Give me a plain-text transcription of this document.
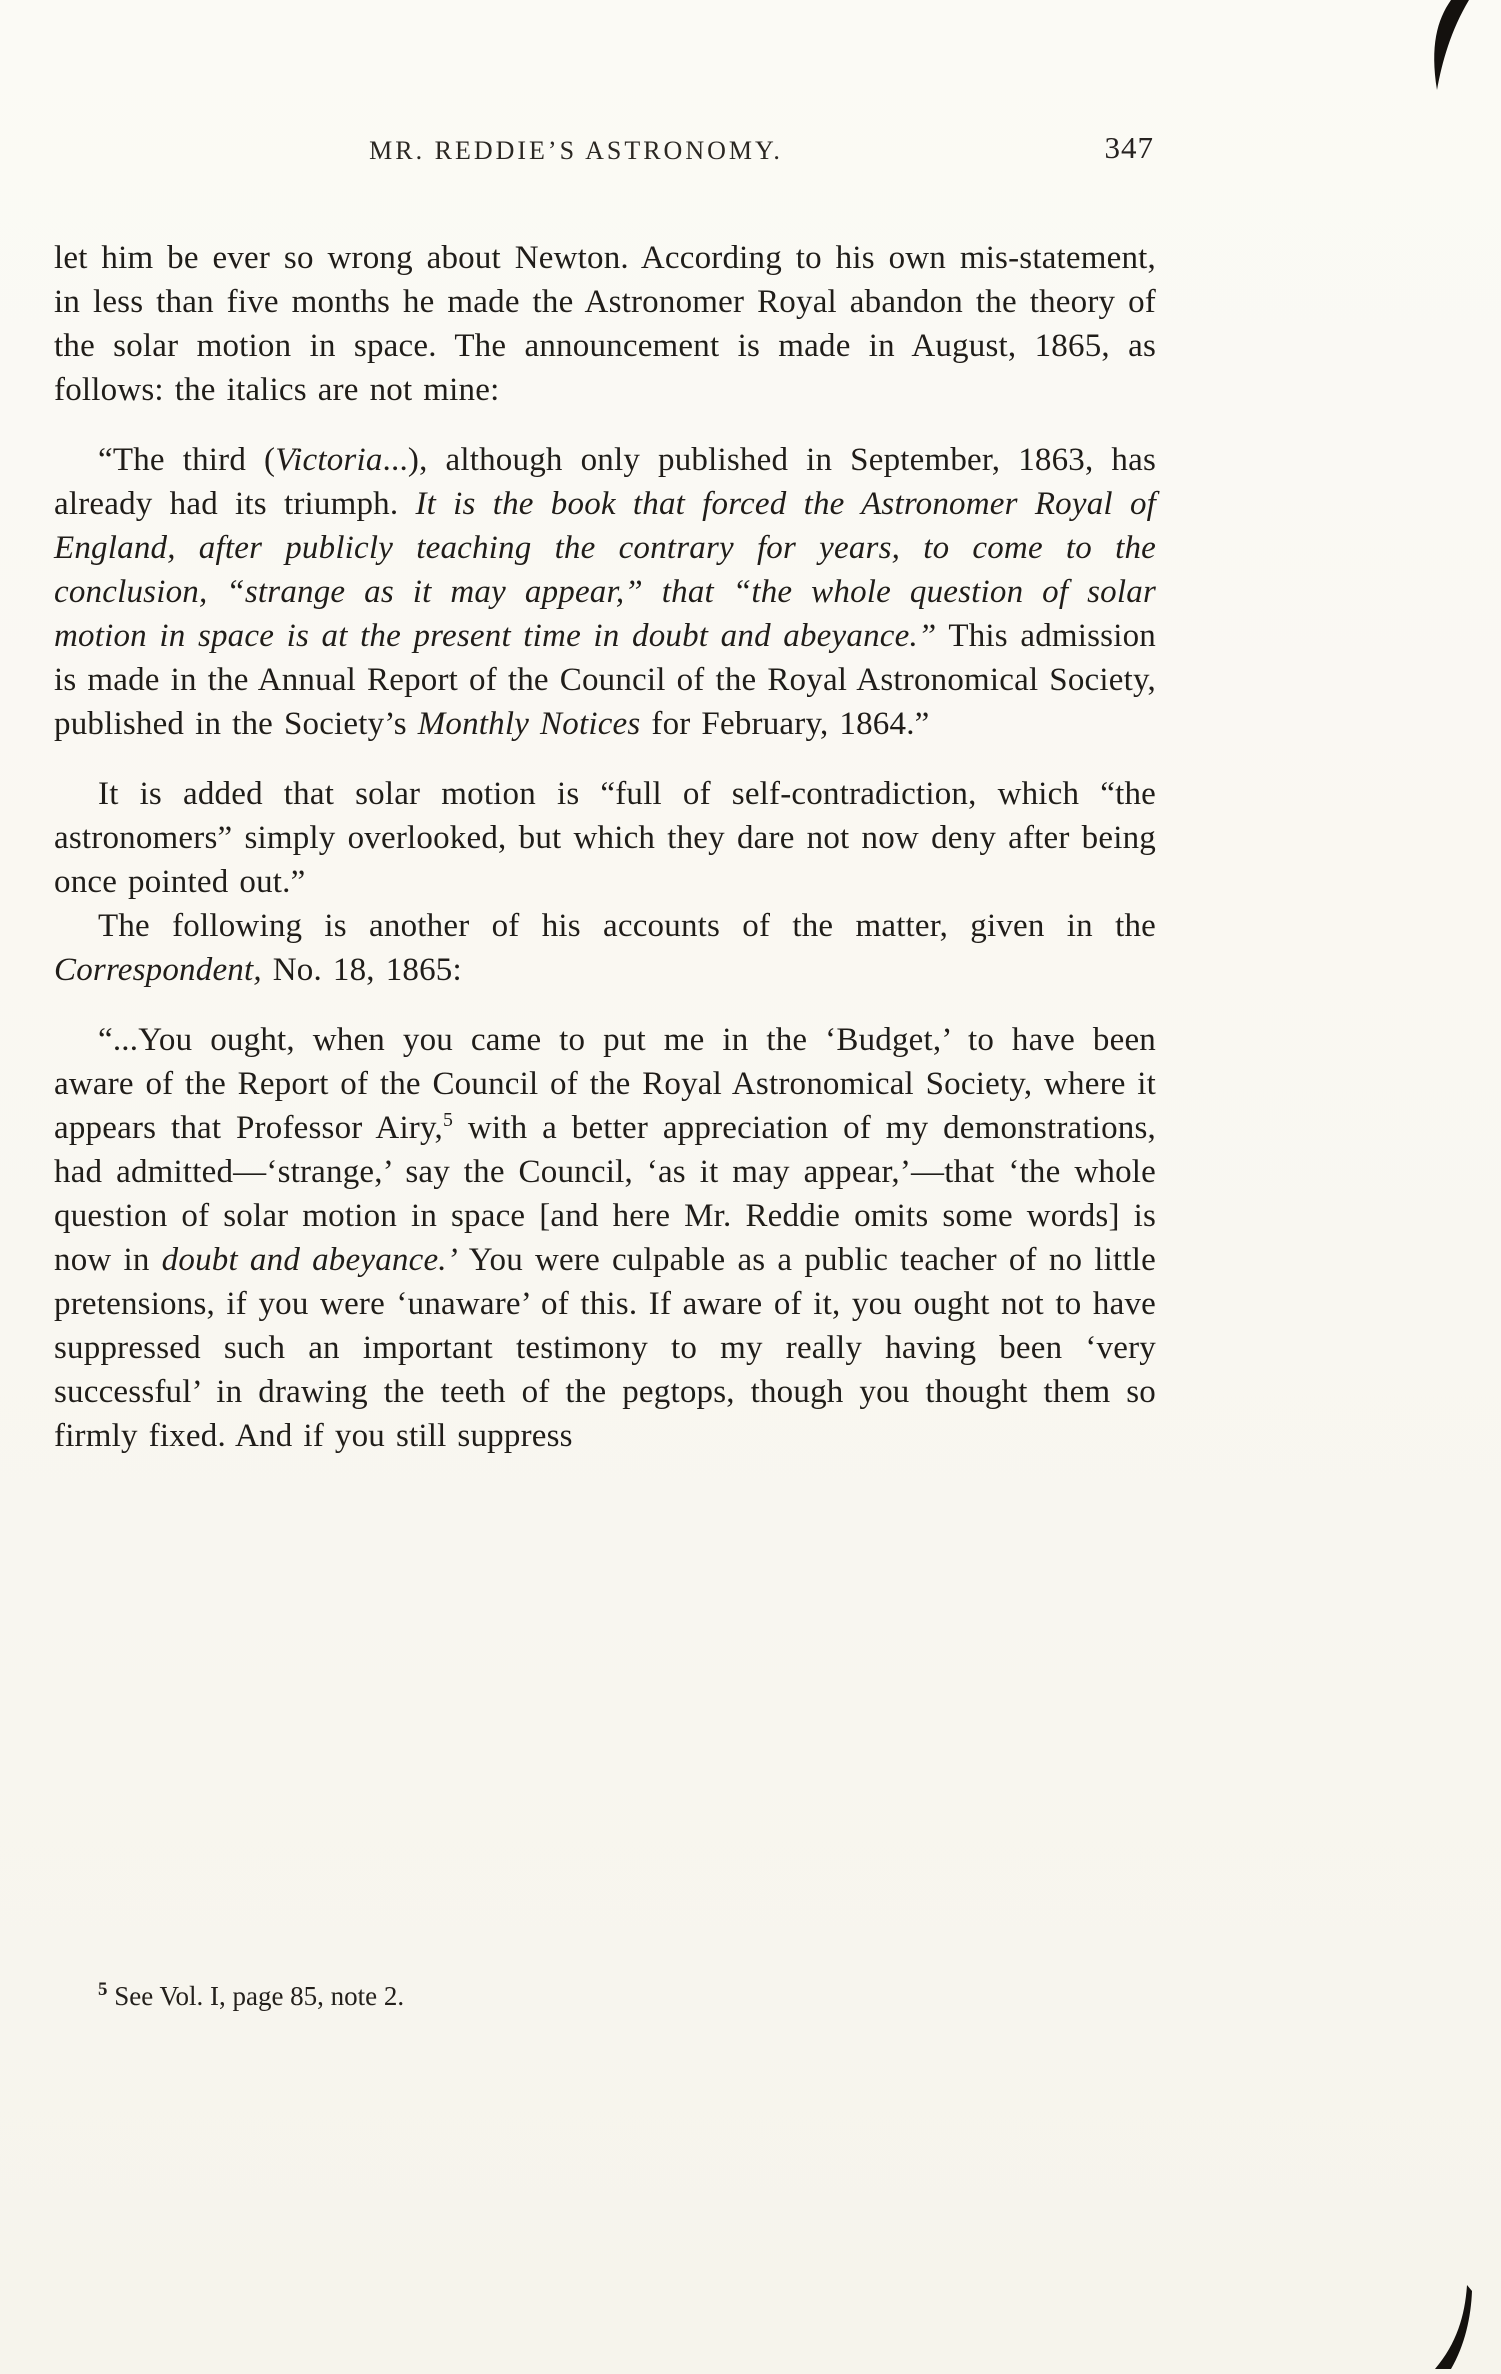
MR. REDDIE’S ASTRONOMY.	347

let him be ever so wrong about Newton. According to his own mis-statement, in less than five months he made the Astronomer Royal abandon the theory of the solar motion in space. The announcement is made in August, 1865, as follows: the italics are not mine:

“The third (Victoria...), although only published in September, 1863, has already had its triumph. It is the book that forced the Astronomer Royal of England, after publicly teaching the contrary for years, to come to the conclusion, “strange as it may appear,” that “the whole question of solar motion in space is at the present time in doubt and abeyance.” This admission is made in the Annual Report of the Council of the Royal Astronomical Society, published in the Society’s Monthly Notices for February, 1864.”

It is added that solar motion is “full of self-contradiction, which “the astronomers” simply overlooked, but which they dare not now deny after being once pointed out.”

The following is another of his accounts of the matter, given in the Correspondent, No. 18, 1865:

“...You ought, when you came to put me in the ‘Budget,’ to have been aware of the Report of the Council of the Royal Astronomical Society, where it appears that Professor Airy,$^5$ with a better appreciation of my demonstrations, had admitted—‘strange,’ say the Council, ‘as it may appear,’—that ‘the whole question of solar motion in space [and here Mr. Reddie omits some words] is now in doubt and abeyance.’ You were culpable as a public teacher of no little pretensions, if you were ‘unaware’ of this. If aware of it, you ought not to have suppressed such an important testimony to my really having been ‘very successful’ in drawing the teeth of the pegtops, though you thought them so firmly fixed. And if you still suppress

$^5$ See Vol. I, page 85, note 2.
